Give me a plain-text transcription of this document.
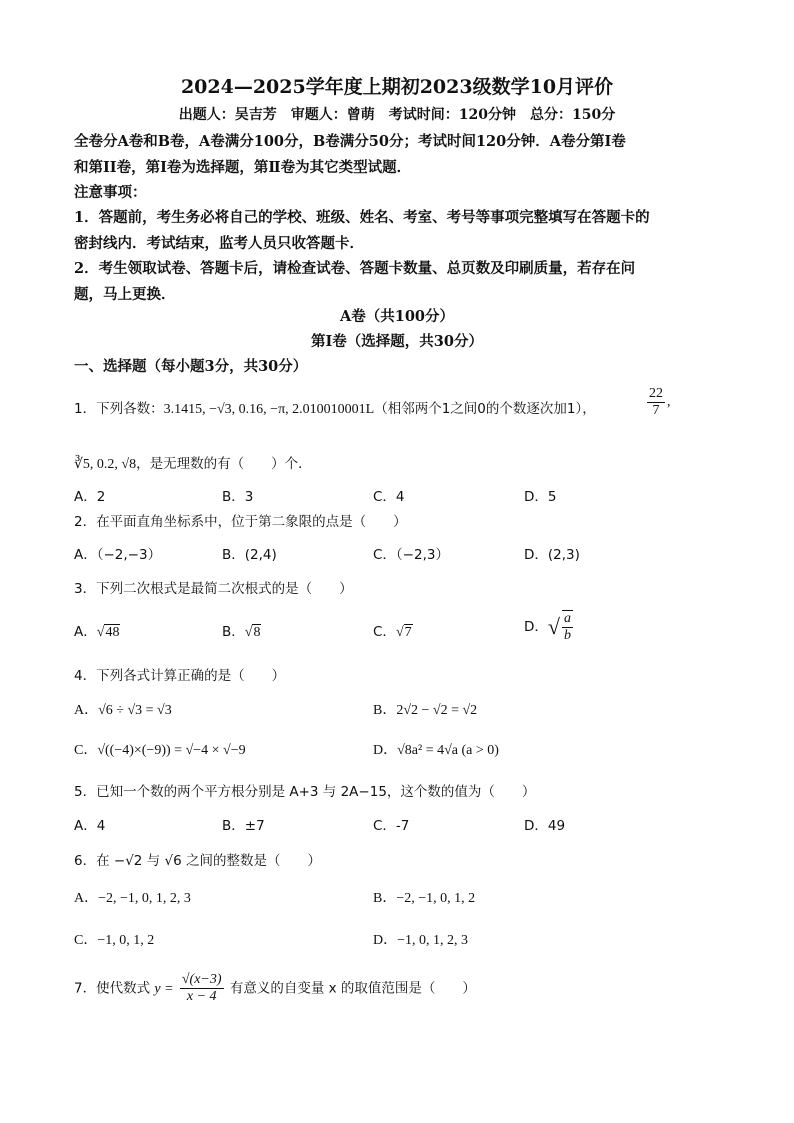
2024—2025学年度上期初2023级数学10月评价
出题人：吴吉芳　审题人：曾萌　考试时间：120分钟　总分：150分
全卷分A卷和B卷，A卷满分100分，B卷满分50分；考试时间120分钟．A卷分第Ⅰ卷
和第ⅠⅠ卷，第Ⅰ卷为选择题，第Ⅱ卷为其它类型试题．
注意事项：
1．答题前，考生务必将自己的学校、班级、姓名、考室、考号等事项完整填写在答题卡的
密封线内．考试结束，监考人员只收答题卡．
2．考生领取试卷、答题卡后，请检查试卷、答题卡数量、总页数及印刷质量，若存在问
题，马上更换．
A卷（共100分）
第Ⅰ卷（选择题，共30分）
一、选择题（每小题3分，共30分）
1．下列各数：3.1415, −√3, 0.16, −π, 2.010010001L（相邻两个1之间0的个数逐次加1），	$\frac{22}{7}$ ,
∛5, 0.2, √8，是无理数的有（　　）个．
A．2	B．3	C．4	D．5
2．在平面直角坐标系中，位于第二象限的点是（　　）
A．（−2,−3）	B．(2,4)	C．（−2,3）	D．(2,3)
3．下列二次根式是最简二次根式的是（　　）
A．√48	B．√8	C．√7	D．√ $\frac{a}{b}$
4．下列各式计算正确的是（　　）
A．√6 ÷ √3 = √3	B．2√2 − √2 = √2
C．√((−4)×(−9)) = √−4 × √−9	D．√8a² = 4√a (a > 0)
5．已知一个数的两个平方根分别是 A+3 与 2A−15，这个数的值为（　　）
A．4	B．±7	C．-7	D．49
6．在 −√2 与 √6 之间的整数是（　　）
A．−2, −1, 0, 1, 2, 3	B．−2, −1, 0, 1, 2
C．−1, 0, 1, 2	D．−1, 0, 1, 2, 3
7．使代数式 $y = \frac{√(x-3)}{x - 4}$ 有意义的自变量 x 的取值范围是（　　）
